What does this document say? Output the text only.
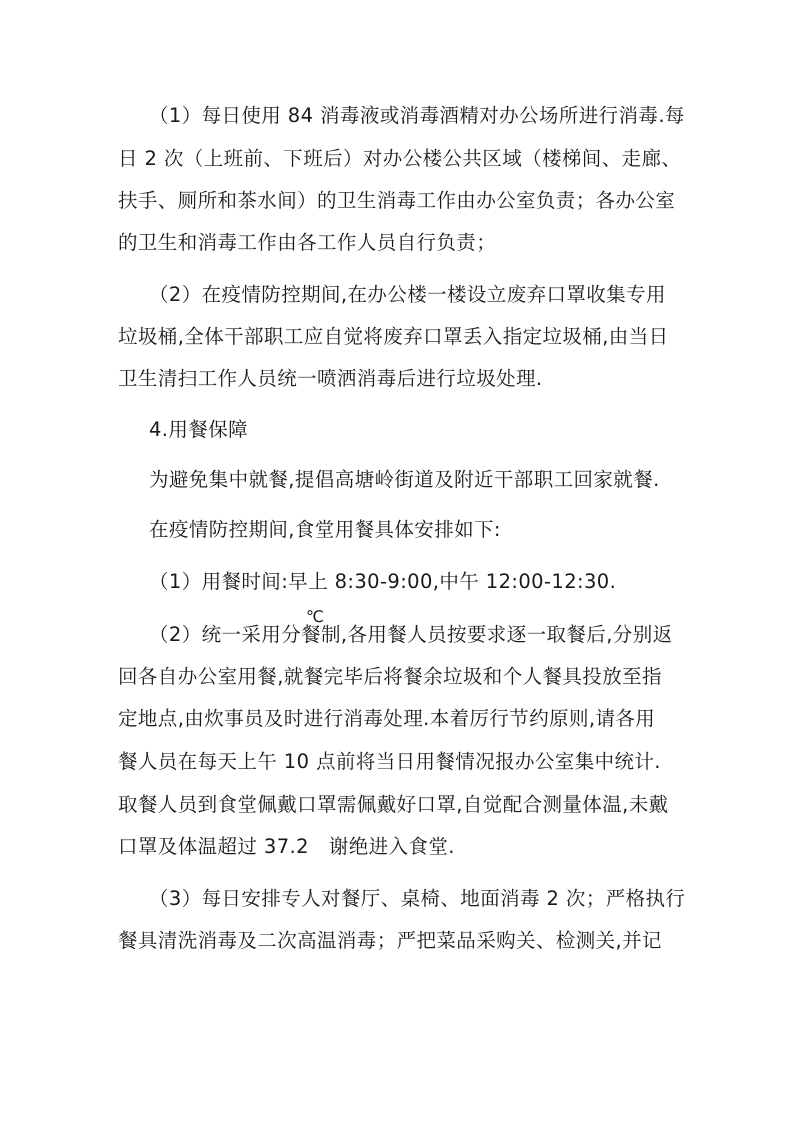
（1）每日使用 84 消毒液或消毒酒精对办公场所进行消毒.每
日 2 次（上班前、下班后）对办公楼公共区域（楼梯间、走廊、
扶手、厕所和茶水间）的卫生消毒工作由办公室负责；各办公室
的卫生和消毒工作由各工作人员自行负责；
（2）在疫情防控期间,在办公楼一楼设立废弃口罩收集专用
垃圾桶,全体干部职工应自觉将废弃口罩丢入指定垃圾桶,由当日
卫生清扫工作人员统一喷洒消毒后进行垃圾处理.
4.用餐保障
为避免集中就餐,提倡高塘岭街道及附近干部职工回家就餐.
在疫情防控期间,食堂用餐具体安排如下:
（1）用餐时间:早上 8:30-9:00,中午 12:00-12:30.
℃
（2）统一采用分餐制,各用餐人员按要求逐一取餐后,分别返
回各自办公室用餐,就餐完毕后将餐余垃圾和个人餐具投放至指
定地点,由炊事员及时进行消毒处理.本着厉行节约原则,请各用
餐人员在每天上午 10 点前将当日用餐情况报办公室集中统计.
取餐人员到食堂佩戴口罩需佩戴好口罩,自觉配合测量体温,未戴
口罩及体温超过 37.2　谢绝进入食堂.
（3）每日安排专人对餐厅、桌椅、地面消毒 2 次；严格执行
餐具清洗消毒及二次高温消毒；严把菜品采购关、检测关,并记
